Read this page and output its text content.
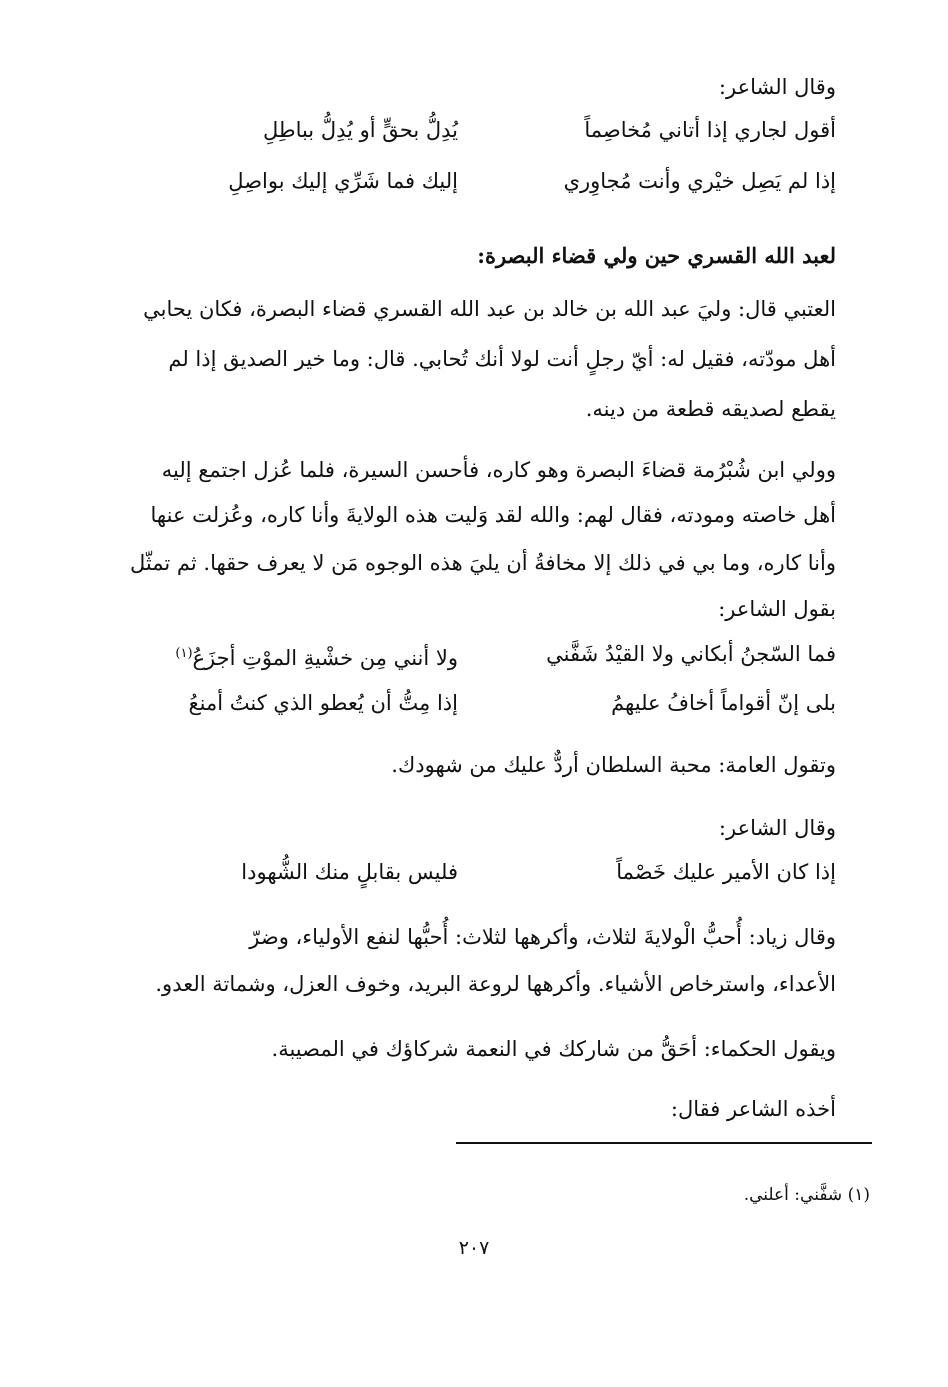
وقال الشاعر:
أقول لجاري إذا أتاني مُخاصِماً
يُدِلُّ بحقٍّ أو يُدِلُّ بباطِلِ
إذا لم يَصِل خيْري وأنت مُجاوِري
إليك فما شَرِّي إليك بواصِلِ
لعبد الله القسري حين ولي قضاء البصرة:
العتبي قال: وليَ عبد الله بن خالد بن عبد الله القسري قضاء البصرة، فكان يحابي
أهل مودّته، فقيل له: أيّ رجلٍ أنت لولا أنك تُحابي. قال: وما خير الصديق إذا لم
يقطع لصديقه قطعة من دينه.
وولي ابن شُبْرُمة قضاءَ البصرة وهو كاره، فأحسن السيرة، فلما عُزل اجتمع إليه
أهل خاصته ومودته، فقال لهم: والله لقد وَليت هذه الولايةَ وأنا كاره، وعُزلت عنها
وأنا كاره، وما بي في ذلك إلا مخافةُ أن يليَ هذه الوجوه مَن لا يعرف حقها. ثم تمثّل
بقول الشاعر:
فما السّجنُ أبكاني ولا القيْدُ شَفَّني
ولا أنني مِن خشْيةِ الموْتِ أجزَعُ$^{(١)}$
بلى إنّ أقواماً أخافُ عليهمُ
إذا مِتُّ أن يُعطو الذي كنتُ أمنعُ
وتقول العامة: محبة السلطان أردٌّ عليك من شهودك.
وقال الشاعر:
إذا كان الأمير عليك خَصْماً
فليس بقابلٍ منك الشُّهودا
وقال زياد: أُحبُّ الْولايةَ لثلاث، وأكرهها لثلاث: أُحبُّها لنفع الأولياء، وضرّ
الأعداء، واسترخاص الأشياء. وأكرهها لروعة البريد، وخوف العزل، وشماتة العدو.
ويقول الحكماء: أحَقُّ من شاركك في النعمة شركاؤك في المصيبة.
أخذه الشاعر فقال:
(١) شفَّني: أعلني.
٢٠٧
